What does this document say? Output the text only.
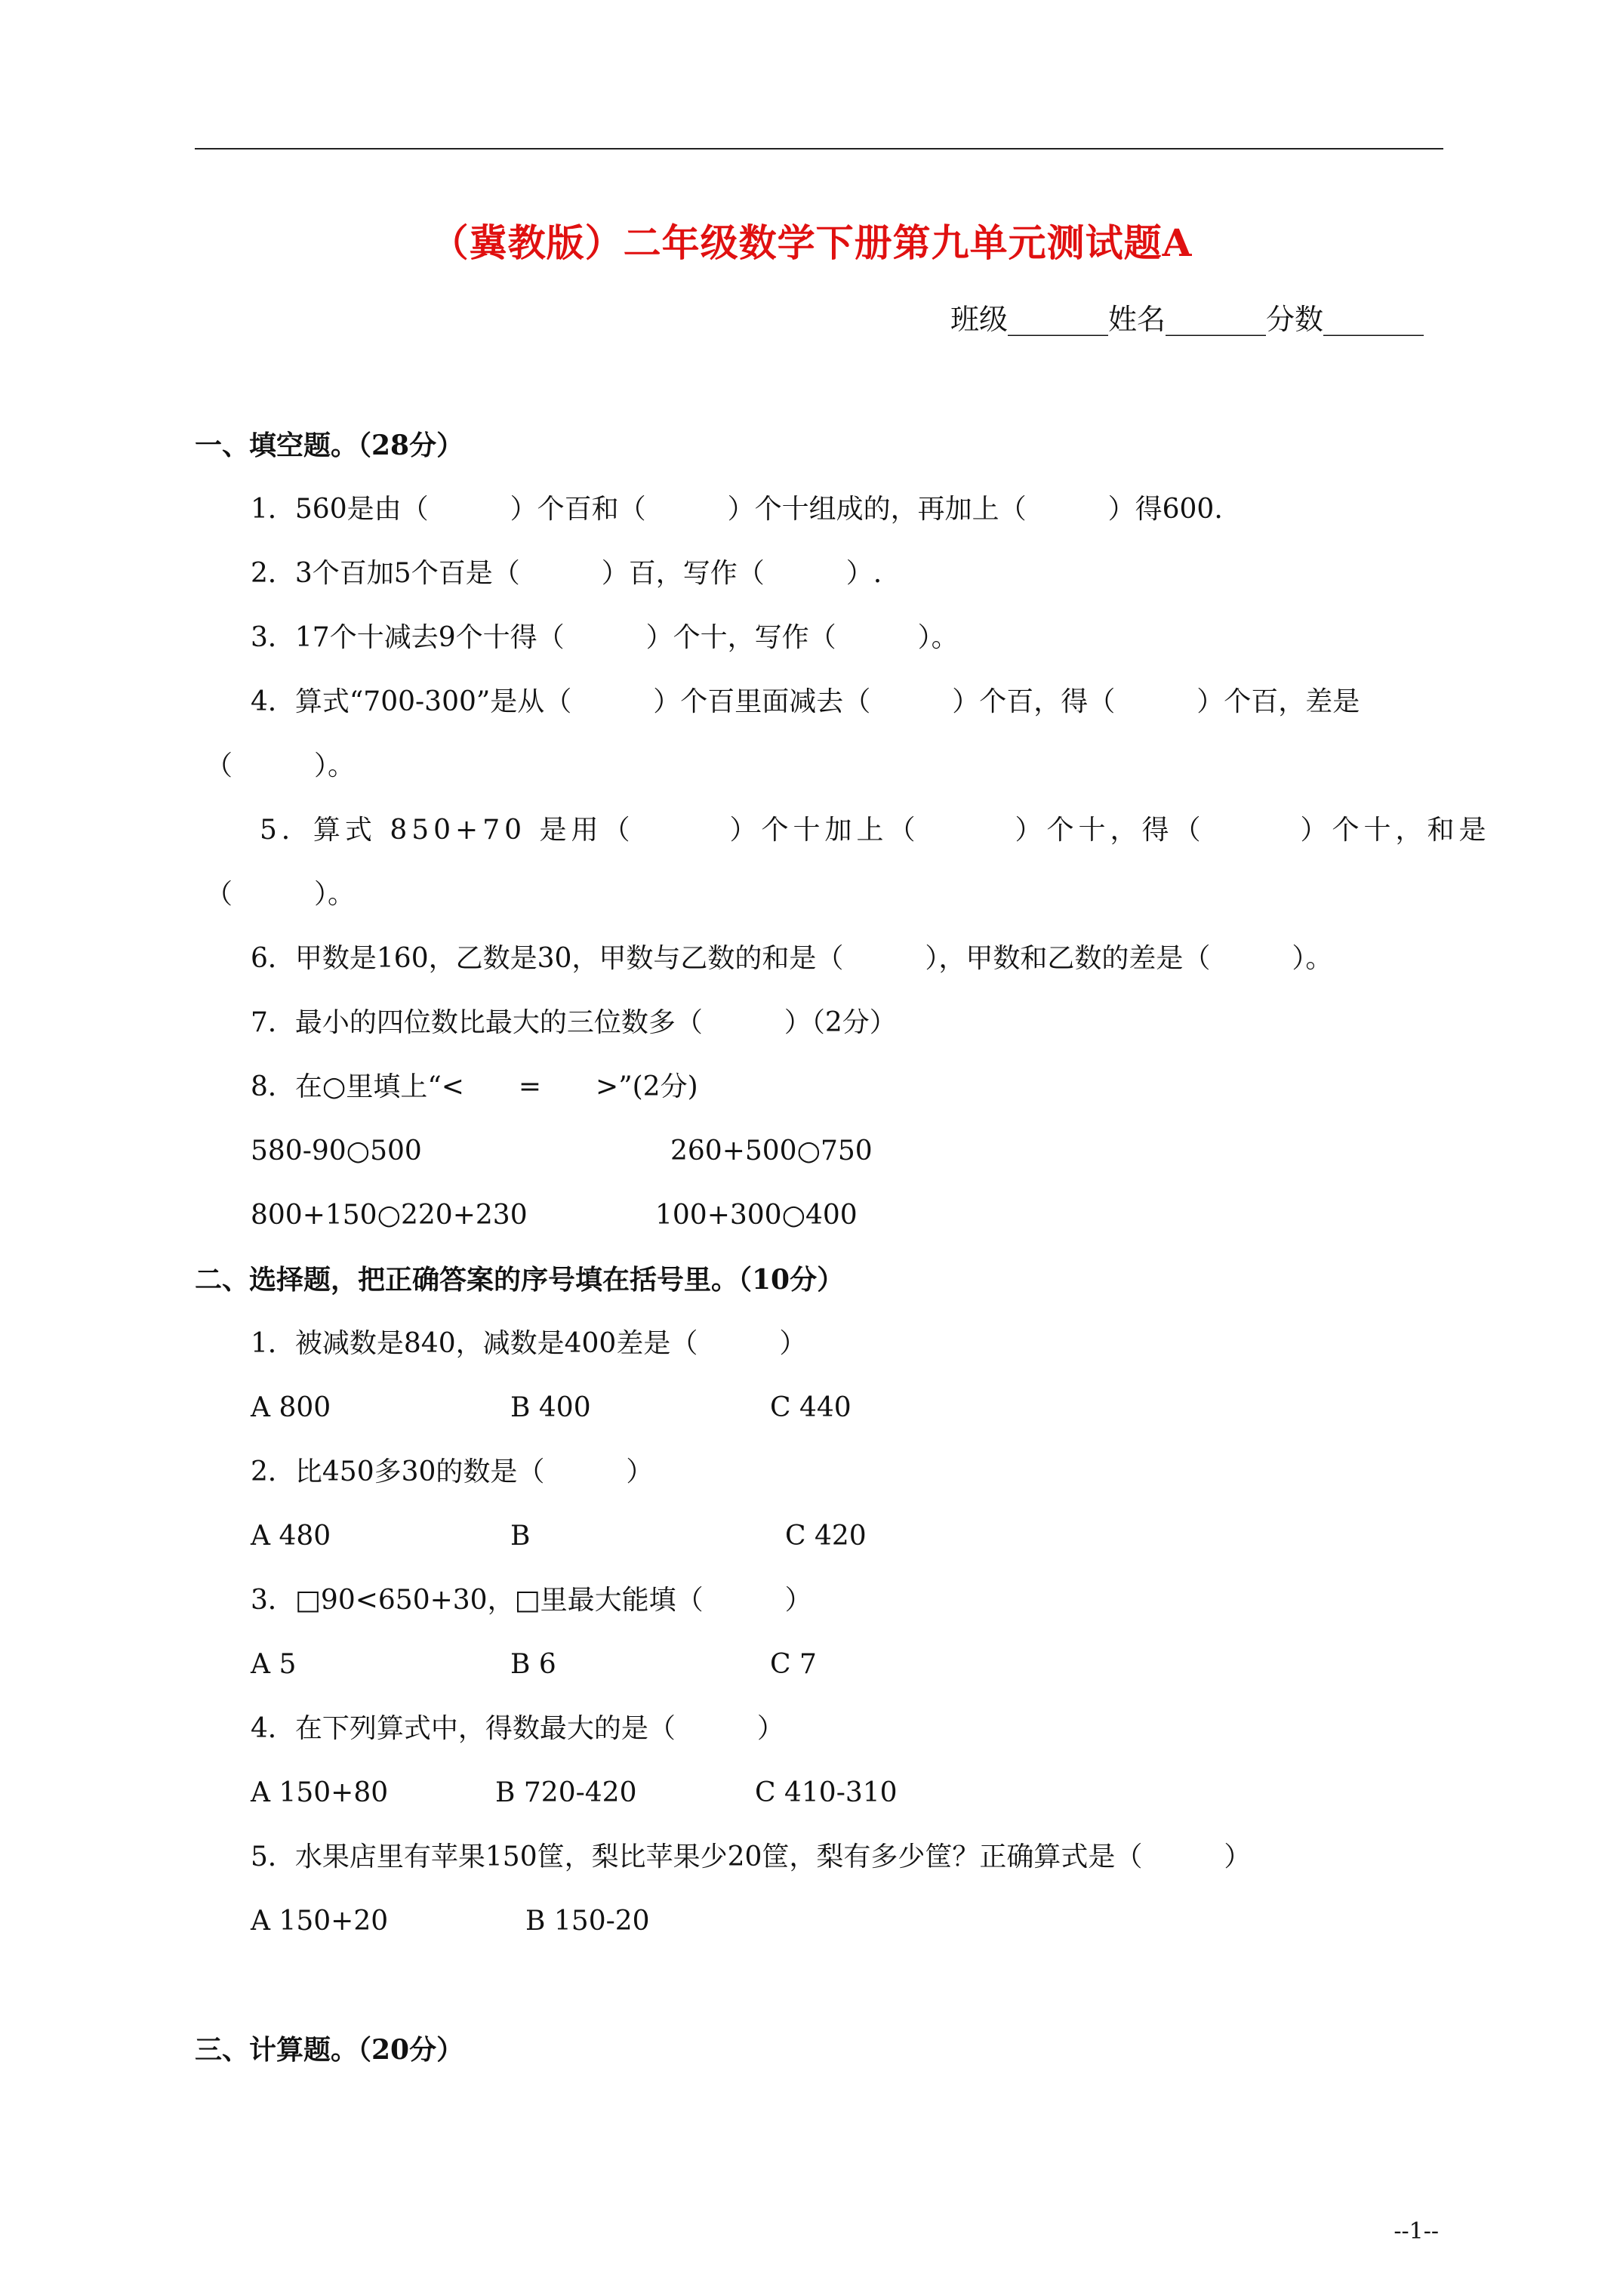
（冀教版）二年级数学下册第九单元测试题A
班级_______姓名_______分数_______
一、填空题。（28分）
1．560是由（　　　）个百和（　　　）个十组成的，再加上（　　　）得600.
2．3个百加5个百是（　　　）百，写作（　　　）.
3．17个十减去9个十得（　　　）个十，写作（　　　）。
4．算式“700-300”是从（　　　）个百里面减去（　　　）个百，得（　　　）个百，差是
（　　　）。
5．算式 850+70 是用（　　　）个十加上（　　　）个十，得（　　　）个十，和是
（　　　）。
6．甲数是160，乙数是30，甲数与乙数的和是（　　　），甲数和乙数的差是（　　　）。
7．最小的四位数比最大的三位数多（　　　）（2分）
8．在○里填上“<　　=　　>”(2分)
580-90○500	260+500○750
800+150○220+230	100+300○400
二、选择题，把正确答案的序号填在括号里。（10分）
1．被减数是840，减数是400差是（　　　）
A 800	B 400	C 440
2．比450多30的数是（　　　）
A 480	B	C 420
3．□90<650+30，□里最大能填（　　　）
A 5	B 6	C 7
4．在下列算式中，得数最大的是（　　　）
A 150+80	B 720-420	C 410-310
5．水果店里有苹果150筐，梨比苹果少20筐，梨有多少筐？正确算式是（　　　）
A 150+20	B 150-20
三、计算题。（20分）
--1--
